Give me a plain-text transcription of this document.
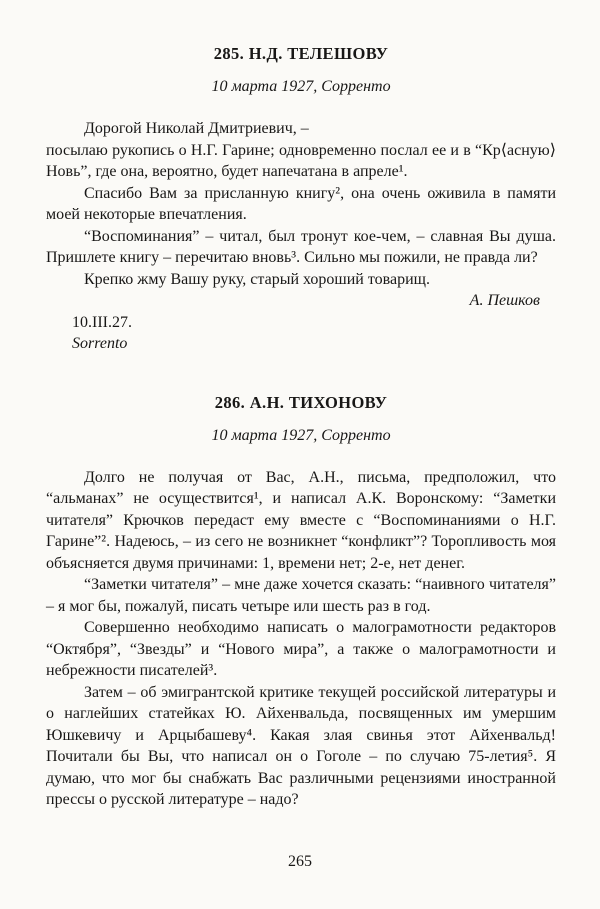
285. Н.Д. ТЕЛЕШОВУ

10 марта 1927, Сорренто

Дорогой Николай Дмитриевич, –

посылаю рукопись о Н.Г. Гарине; одновременно послал ее и в “Кр⟨асную⟩ Новь”, где она, вероятно, будет напечатана в апреле¹.

Спасибо Вам за присланную книгу², она очень оживила в памяти моей некоторые впечатления.

“Воспоминания” – читал, был тронут кое-чем, – славная Вы душа. Пришлете книгу – перечитаю вновь³. Сильно мы пожили, не правда ли?

Крепко жму Вашу руку, старый хороший товарищ.

А. Пешков

10.III.27.

Sorrento

286. А.Н. ТИХОНОВУ

10 марта 1927, Сорренто

Долго не получая от Вас, А.Н., письма, предположил, что “альманах” не осуществится¹, и написал А.К. Воронскому: “Заметки читателя” Крючков передаст ему вместе с “Воспоминаниями о Н.Г. Гарине”². Надеюсь, – из сего не возникнет “конфликт”? Торопливость моя объясняется двумя причинами: 1, времени нет; 2-е, нет денег.

“Заметки читателя” – мне даже хочется сказать: “наивного читателя” – я мог бы, пожалуй, писать четыре или шесть раз в год.

Совершенно необходимо написать о малограмотности редакторов “Октября”, “Звезды” и “Нового мира”, а также о малограмотности и небрежности писателей³.

Затем – об эмигрантской критике текущей российской литературы и о наглейших статейках Ю. Айхенвальда, посвященных им умершим Юшкевичу и Арцыбашеву⁴. Какая злая свинья этот Айхенвальд! Почитали бы Вы, что написал он о Гоголе – по случаю 75-летия⁵. Я думаю, что мог бы снабжать Вас различными рецензиями иностранной прессы о русской литературе – надо?

265
